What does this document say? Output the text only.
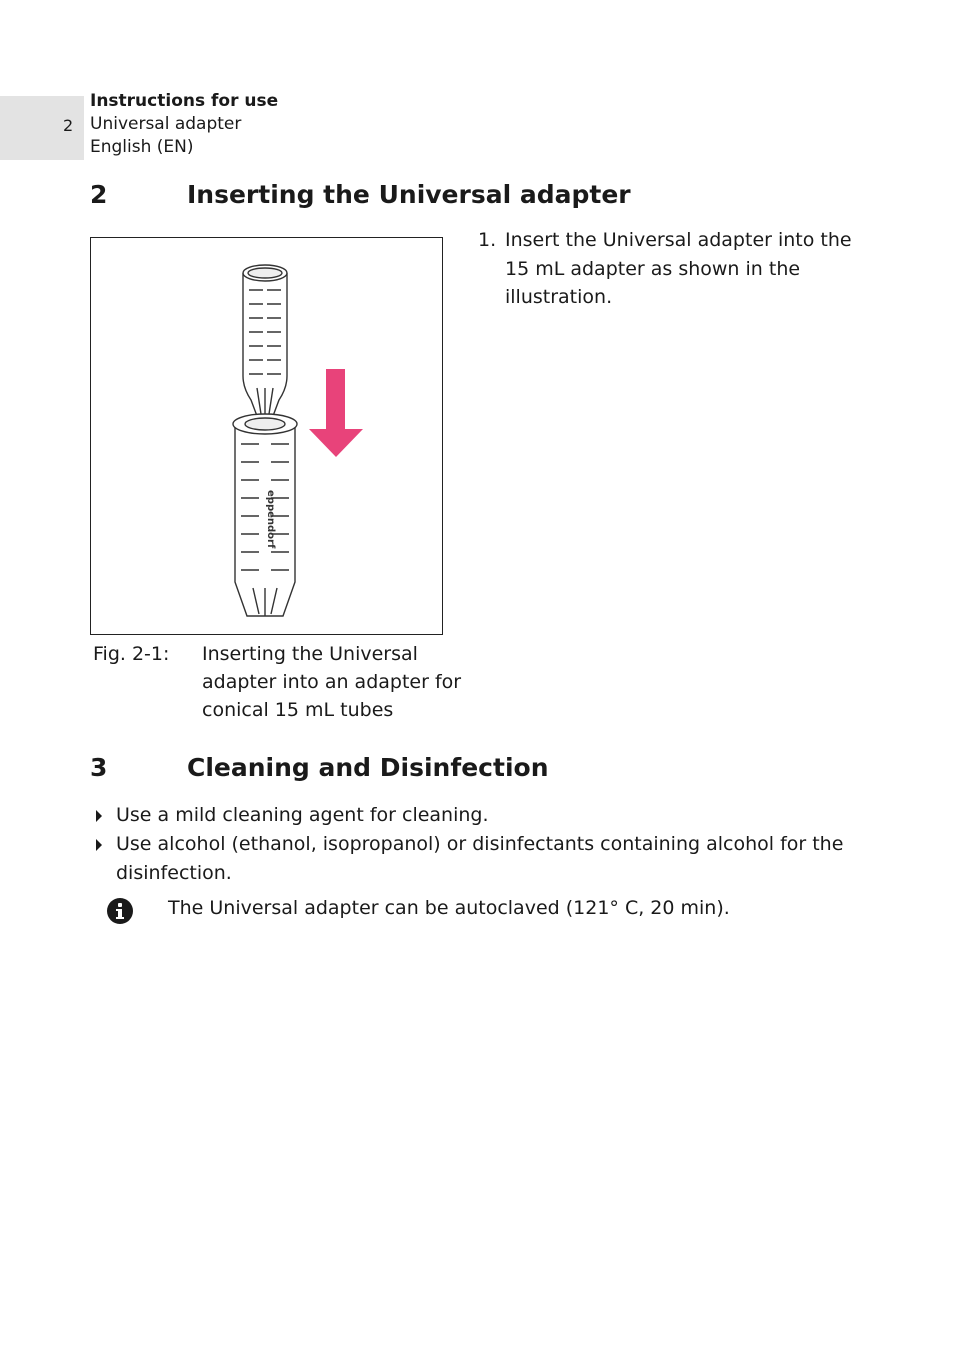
2
Instructions for use
Universal adapter
English (EN)
2	Inserting the Universal adapter
eppendorf
Fig. 2-1: Inserting the Universal adapter into an adapter for conical 15 mL tubes
1. Insert the Universal adapter into the 15 mL adapter as shown in the illustration.
3	Cleaning and Disinfection
Use a mild cleaning agent for cleaning.
Use alcohol (ethanol, isopropanol) or disinfectants containing alcohol for the disinfection.
The Universal adapter can be autoclaved (121° C, 20 min).
